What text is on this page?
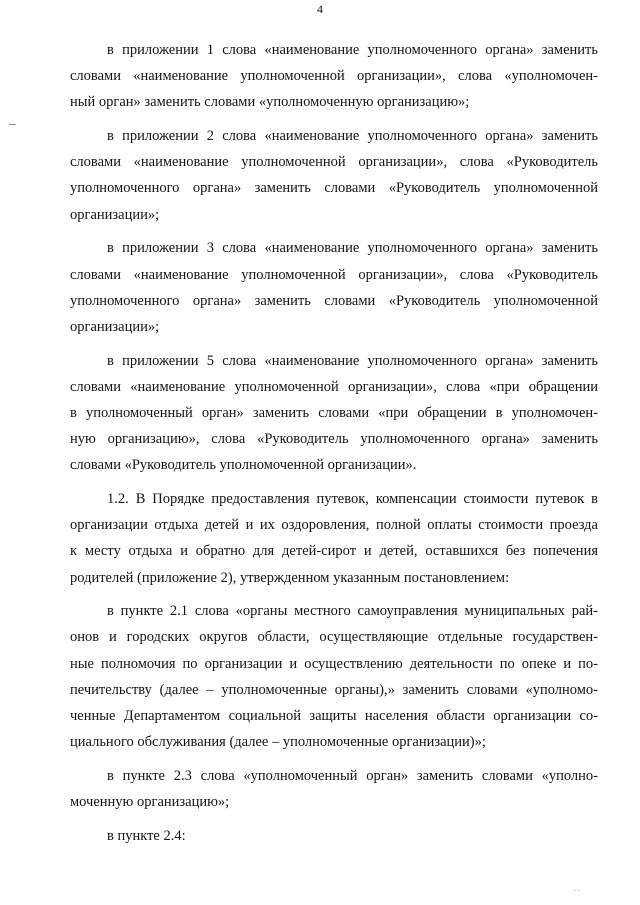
4
в приложении 1 слова «наименование уполномоченного органа» заменить
словами «наименование уполномоченной организации», слова «уполномочен-
ный орган» заменить словами «уполномоченную организацию»;
в приложении 2 слова «наименование уполномоченного органа» заменить
словами «наименование уполномоченной организации», слова «Руководитель
уполномоченного органа» заменить словами «Руководитель уполномоченной
организации»;
в приложении 3 слова «наименование уполномоченного органа» заменить
словами «наименование уполномоченной организации», слова «Руководитель
уполномоченного органа» заменить словами «Руководитель уполномоченной
организации»;
в приложении 5 слова «наименование уполномоченного органа» заменить
словами «наименование уполномоченной организации», слова «при обращении
в уполномоченный орган» заменить словами «при обращении в уполномочен-
ную организацию», слова «Руководитель уполномоченного органа» заменить
словами «Руководитель уполномоченной организации».
1.2. В Порядке предоставления путевок, компенсации стоимости путевок в
организации отдыха детей и их оздоровления, полной оплаты стоимости проезда
к месту отдыха и обратно для детей-сирот и детей, оставшихся без попечения
родителей (приложение 2), утвержденном указанным постановлением:
в пункте 2.1 слова «органы местного самоуправления муниципальных рай-
онов и городских округов области, осуществляющие отдельные государствен-
ные полномочия по организации и осуществлению деятельности по опеке и по-
печительству (далее – уполномоченные органы),» заменить словами «уполномо-
ченные Департаментом социальной защиты населения области организации со-
циального обслуживания (далее – уполномоченные организации)»;
в пункте 2.3 слова «уполномоченный орган» заменить словами «уполно-
моченную организацию»;
в пункте 2.4:
· ·
